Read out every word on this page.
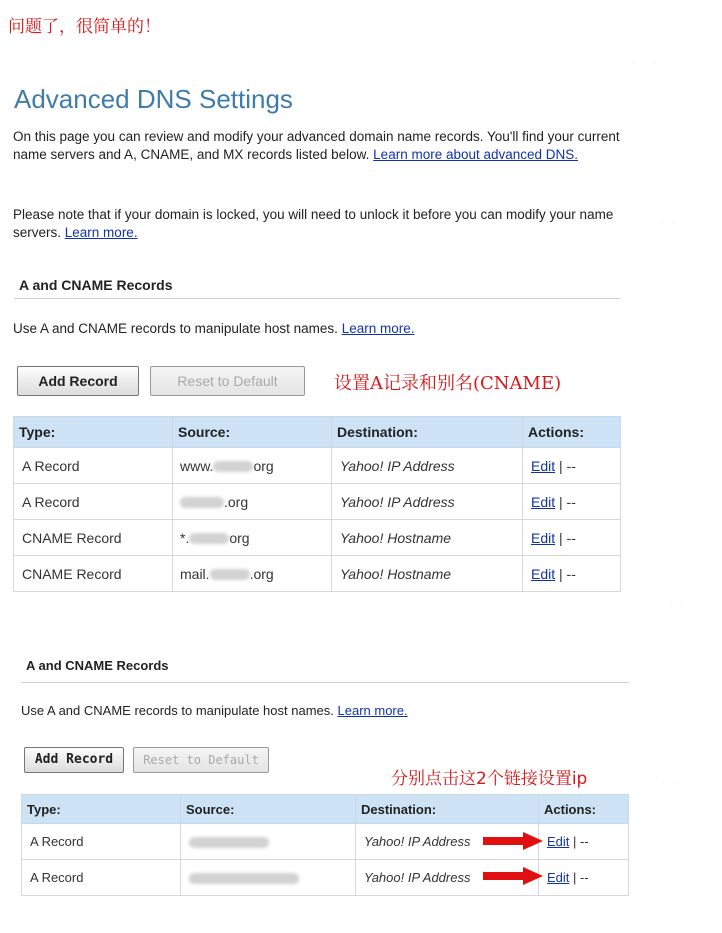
· · ·
· ·
· · ·
· ·
· · ·
问题了，很简单的！
Advanced DNS Settings
On this page you can review and modify your advanced domain name records. You'll find your current name servers and A, CNAME, and MX records listed below. Learn more about advanced DNS.
Please note that if your domain is locked, you will need to unlock it before you can modify your name servers. Learn more.
A and CNAME Records
Use A and CNAME records to manipulate host names. Learn more.
Add Record	Reset to Default	设置A记录和别名(CNAME)
Type:	Source:	Destination:	Actions:
A Record	www. org	Yahoo! IP Address	Edit | --
A Record	.org	Yahoo! IP Address	Edit | --
CNAME Record	*. org	Yahoo! Hostname	Edit | --
CNAME Record	mail. .org	Yahoo! Hostname	Edit | --
A and CNAME Records
Use A and CNAME records to manipulate host names. Learn more.
Add Record	Reset to Default
分别点击这2个链接设置ip
Type:	Source:	Destination:	Actions:
A Record		Yahoo! IP Address	Edit | --
A Record		Yahoo! IP Address	Edit | --
